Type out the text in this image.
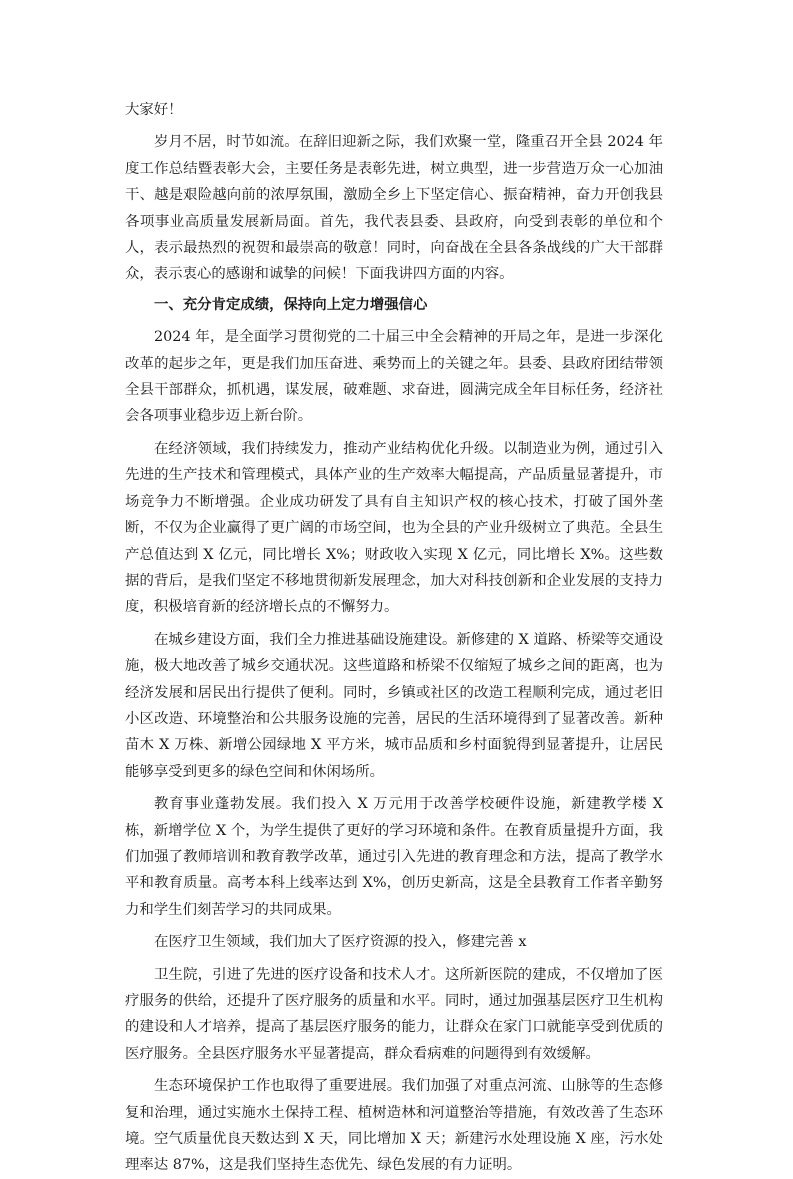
大家好！

岁月不居，时节如流。在辞旧迎新之际，我们欢聚一堂，隆重召开全县 2024 年度工作总结暨表彰大会，主要任务是表彰先进，树立典型，进一步营造万众一心加油干、越是艰险越向前的浓厚氛围，激励全乡上下坚定信心、振奋精神，奋力开创我县各项事业高质量发展新局面。首先，我代表县委、县政府，向受到表彰的单位和个人，表示最热烈的祝贺和最崇高的敬意！同时，向奋战在全县各条战线的广大干部群众，表示衷心的感谢和诚挚的问候！下面我讲四方面的内容。

一、充分肯定成绩，保持向上定力增强信心

2024 年，是全面学习贯彻党的二十届三中全会精神的开局之年，是进一步深化改革的起步之年，更是我们加压奋进、乘势而上的关键之年。县委、县政府团结带领全县干部群众，抓机遇，谋发展，破难题、求奋进，圆满完成全年目标任务，经济社会各项事业稳步迈上新台阶。

在经济领域，我们持续发力，推动产业结构优化升级。以制造业为例，通过引入先进的生产技术和管理模式，具体产业的生产效率大幅提高，产品质量显著提升，市场竞争力不断增强。企业成功研发了具有自主知识产权的核心技术，打破了国外垄断，不仅为企业赢得了更广阔的市场空间，也为全县的产业升级树立了典范。全县生产总值达到 X 亿元，同比增长 X%；财政收入实现 X 亿元，同比增长 X%。这些数据的背后，是我们坚定不移地贯彻新发展理念，加大对科技创新和企业发展的支持力度，积极培育新的经济增长点的不懈努力。

在城乡建设方面，我们全力推进基础设施建设。新修建的 X 道路、桥梁等交通设施，极大地改善了城乡交通状况。这些道路和桥梁不仅缩短了城乡之间的距离，也为经济发展和居民出行提供了便利。同时，乡镇或社区的改造工程顺利完成，通过老旧小区改造、环境整治和公共服务设施的完善，居民的生活环境得到了显著改善。新种苗木 X 万株、新增公园绿地 X 平方米，城市品质和乡村面貌得到显著提升，让居民能够享受到更多的绿色空间和休闲场所。

教育事业蓬勃发展。我们投入 X 万元用于改善学校硬件设施，新建教学楼 X 栋，新增学位 X 个，为学生提供了更好的学习环境和条件。在教育质量提升方面，我们加强了教师培训和教育教学改革，通过引入先进的教育理念和方法，提高了教学水平和教育质量。高考本科上线率达到 X%，创历史新高，这是全县教育工作者辛勤努力和学生们刻苦学习的共同成果。

在医疗卫生领域，我们加大了医疗资源的投入，修建完善 x

卫生院，引进了先进的医疗设备和技术人才。这所新医院的建成，不仅增加了医疗服务的供给，还提升了医疗服务的质量和水平。同时，通过加强基层医疗卫生机构的建设和人才培养，提高了基层医疗服务的能力，让群众在家门口就能享受到优质的医疗服务。全县医疗服务水平显著提高，群众看病难的问题得到有效缓解。

生态环境保护工作也取得了重要进展。我们加强了对重点河流、山脉等的生态修复和治理，通过实施水土保持工程、植树造林和河道整治等措施，有效改善了生态环境。空气质量优良天数达到 X 天，同比增加 X 天；新建污水处理设施 X 座，污水处理率达 87%，这是我们坚持生态优先、绿色发展的有力证明。
